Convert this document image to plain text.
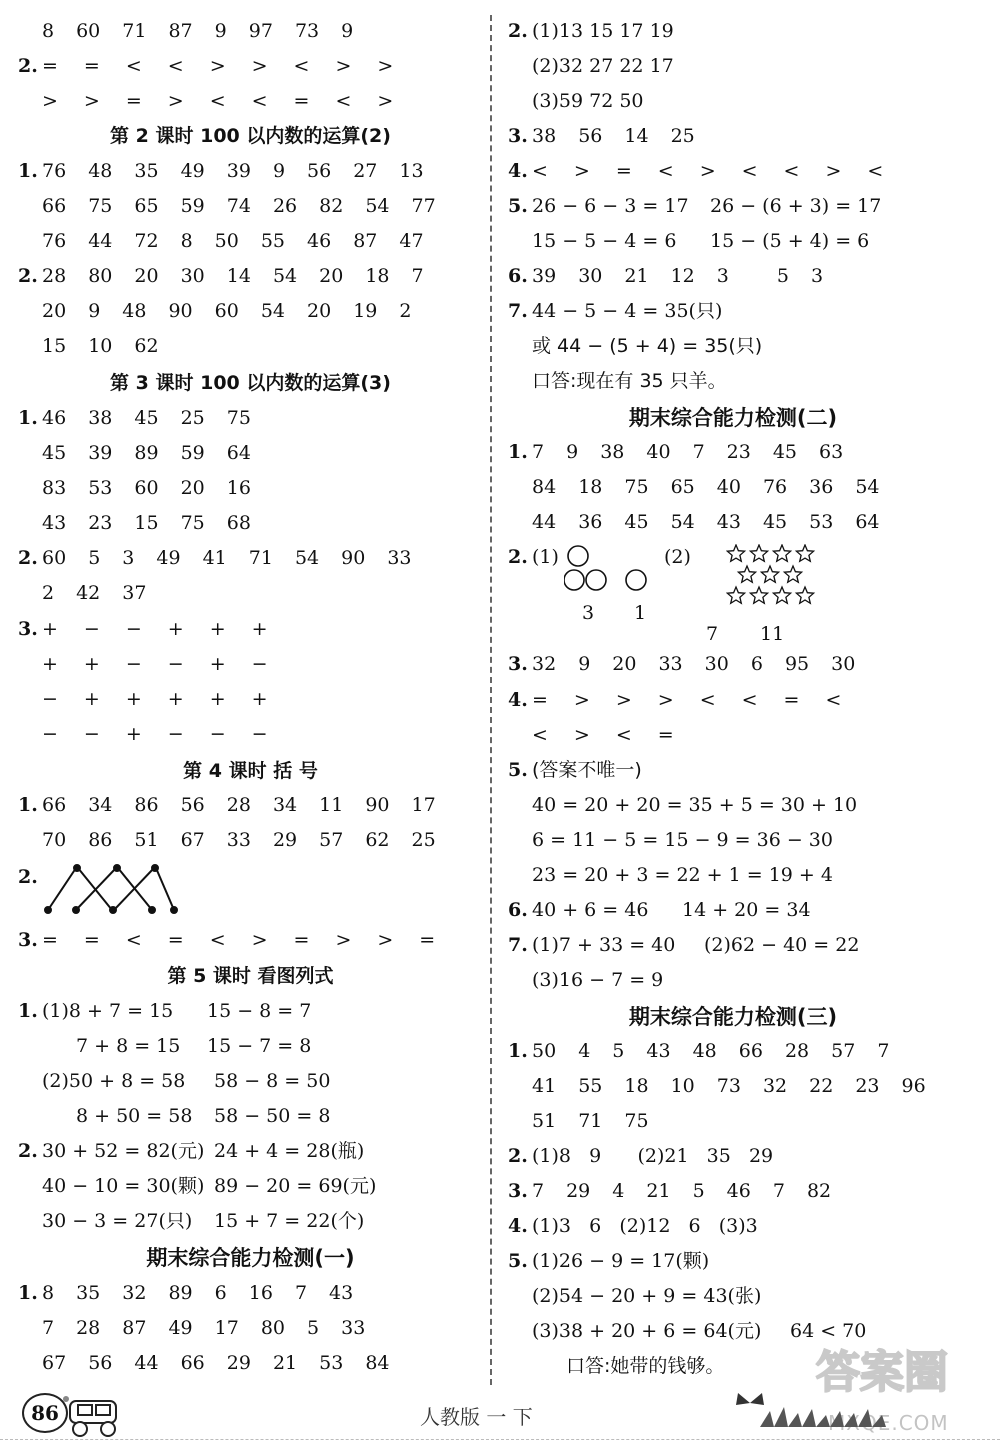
8 60 71 87 9 97 73 9
2. = = < < > > < > >
> > = > < < = < >
第 2 课时 100 以内数的运算(2)
1. 76 48 35 49 39 9 56 27 13
66 75 65 59 74 26 82 54 77
76 44 72 8 50 55 46 87 47
2. 28 80 20 30 14 54 20 18 7
20 9 48 90 60 54 20 19 2
15 10 62
第 3 课时 100 以内数的运算(3)
1. 46 38 45 25 75
45 39 89 59 64
83 53 60 20 16
43 23 15 75 68
2. 60 5 3 49 41 71 54 90 33
2 42 37
3. + − − + + +
+ + − − + −
− + + + + +
− − + − − −
第 4 课时 括 号
1. 66 34 86 56 28 34 11 90 17
70 86 51 67 33 29 57 62 25
2.
3. = = < = < > = > > =
第 5 课时 看图列式
1. (1)8 + 7 = 15 15 − 8 = 7
7 + 8 = 15 15 − 7 = 8
(2)50 + 8 = 58 58 − 8 = 50
8 + 50 = 58 58 − 50 = 8
2. 30 + 52 = 82(元) 24 + 4 = 28(瓶)
40 − 10 = 30(颗) 89 − 20 = 69(元)
30 − 3 = 27(只) 15 + 7 = 22(个)
期末综合能力检测(一)
1. 8 35 32 89 6 16 7 43
7 28 87 49 17 80 5 33
67 56 44 66 29 21 53 84
2. (1)13 15 17 19
(2)32 27 22 17
(3)59 72 50
3. 38 56 14 25
4. < > = < > < < > <
5. 26 − 6 − 3 = 17 26 − (6 + 3) = 17
15 − 5 − 4 = 6 15 − (5 + 4) = 6
6. 39 30 21 12 3	5 3
7. 44 − 5 − 4 = 35(只)
或 44 − (5 + 4) = 35(只)
口答:现在有 35 只羊。
期末综合能力检测(二)
1. 7 9 38 40 7 23 45 63
84 18 75 65 40 76 36 54
44 36 45 54 43 45 53 64
2. (1)	(2)
3 1
7 11
3. 32 9 20 33 30 6 95 30
4. = > > > < < = <
< > < =
5. (答案不唯一)
40 = 20 + 20 = 35 + 5 = 30 + 10
6 = 11 − 5 = 15 − 9 = 36 − 30
23 = 20 + 3 = 22 + 1 = 19 + 4
6. 40 + 6 = 46 14 + 20 = 34
7. (1)7 + 33 = 40 (2)62 − 40 = 22
(3)16 − 7 = 9
期末综合能力检测(三)
1. 50 4 5 43 48 66 28 57 7
41 55 18 10 73 32 22 23 96
51 71 75
2. (1)8   9      (2)21   35   29
3. 7 29 4 21 5 46 7 82
4. (1)3   6   (2)12   6   (3)3
5. (1)26 − 9 = 17(颗)
(2)54 − 20 + 9 = 43(张)
(3)38 + 20 + 6 = 64(元) 64 < 70
口答:她带的钱够。 答案圈
MXQE.COM
86	人教版 一 下
